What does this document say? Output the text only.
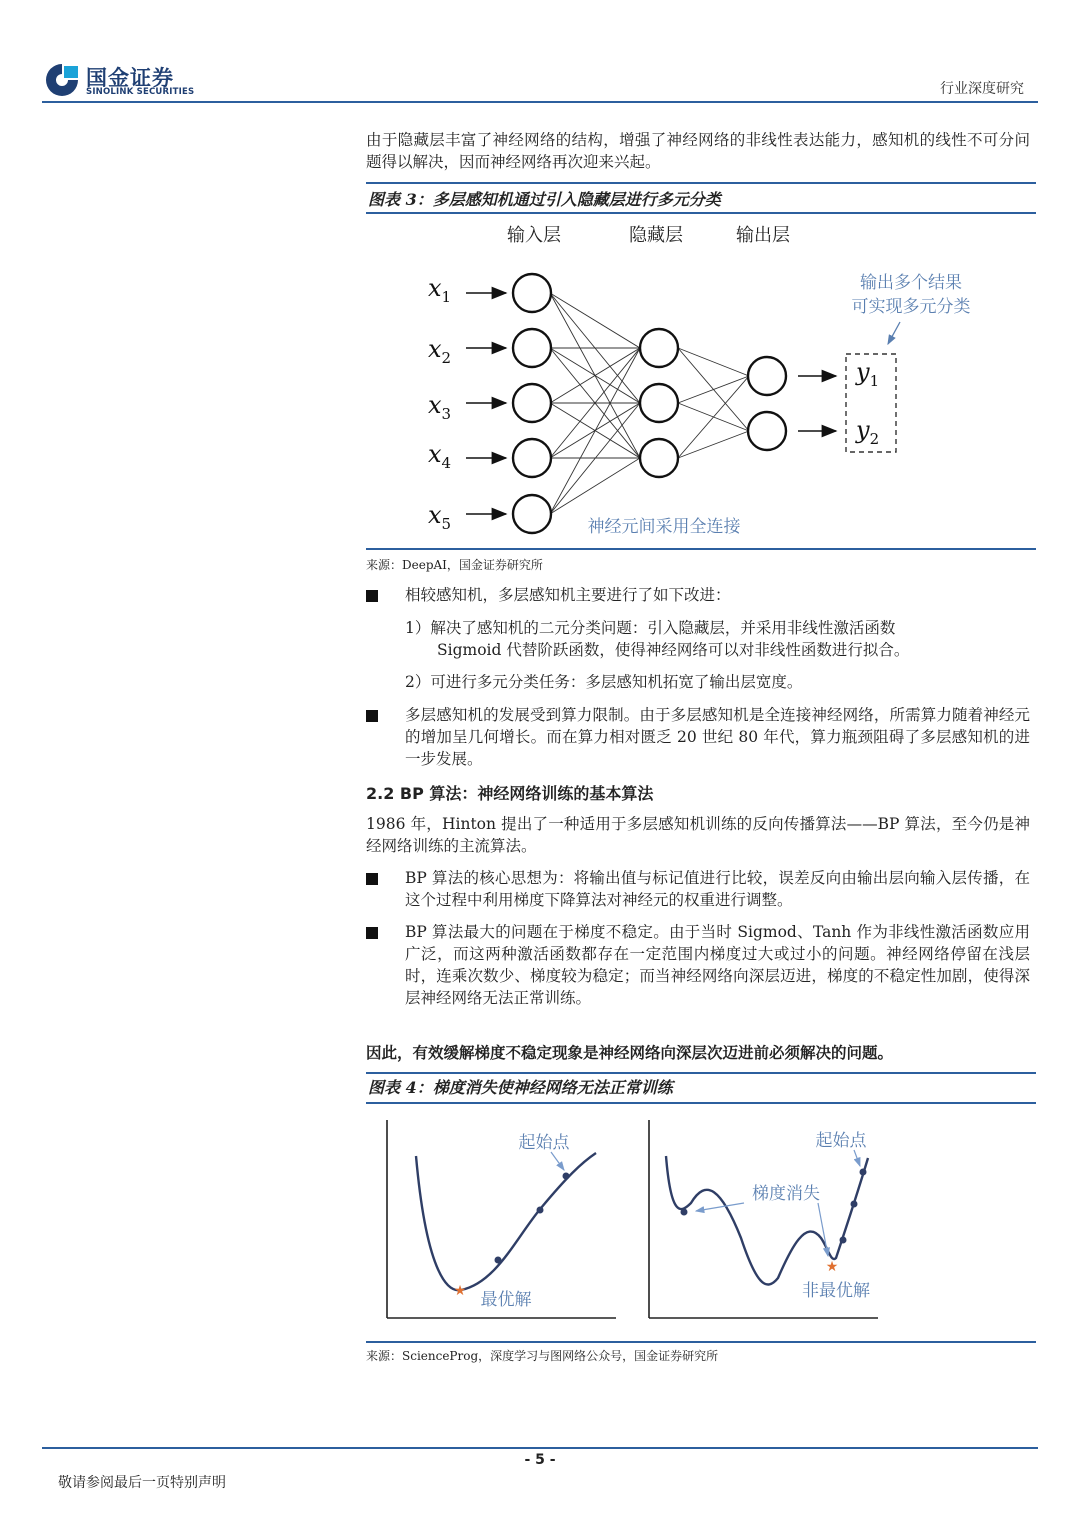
国金证券
SINOLINK SECURITIES	行业深度研究
由于隐藏层丰富了神经网络的结构，增强了神经网络的非线性表达能力，感知机的线性不可分问题得以解决，因而神经网络再次迎来兴起。
图表 3：多层感知机通过引入隐藏层进行多元分类
输入层	隐藏层	输出层
$x_1$
$x_2$
$x_3$
$x_4$
$x_5$
$y_1$
$y_2$
输出多个结果
可实现多元分类
神经元间采用全连接
来源：DeepAI，国金证券研究所
相较感知机，多层感知机主要进行了如下改进：
1）解决了感知机的二元分类问题：引入隐藏层，并采用非线性激活函数
Sigmoid 代替阶跃函数，使得神经网络可以对非线性函数进行拟合。
2）可进行多元分类任务：多层感知机拓宽了输出层宽度。
多层感知机的发展受到算力限制。由于多层感知机是全连接神经网络，所需算力随着神经元的增加呈几何增长。而在算力相对匮乏 20 世纪 80 年代，算力瓶颈阻碍了多层感知机的进一步发展。
2.2 BP 算法：神经网络训练的基本算法
1986 年，Hinton 提出了一种适用于多层感知机训练的反向传播算法——BP 算法，至今仍是神经网络训练的主流算法。
BP 算法的核心思想为：将输出值与标记值进行比较，误差反向由输出层向输入层传播，在这个过程中利用梯度下降算法对神经元的权重进行调整。
BP 算法最大的问题在于梯度不稳定。由于当时 Sigmod、Tanh 作为非线性激活函数应用广泛，而这两种激活函数都存在一定范围内梯度过大或过小的问题。神经网络停留在浅层时，连乘次数少、梯度较为稳定；而当神经网络向深层迈进，梯度的不稳定性加剧，使得深层神经网络无法正常训练。
因此，有效缓解梯度不稳定现象是神经网络向深层次迈进前必须解决的问题。
图表 4：梯度消失使神经网络无法正常训练
★
起始点
最优解
★
起始点
梯度消失
非最优解
来源：ScienceProg，深度学习与图网络公众号，国金证券研究所
- 5 -
敬请参阅最后一页特别声明
